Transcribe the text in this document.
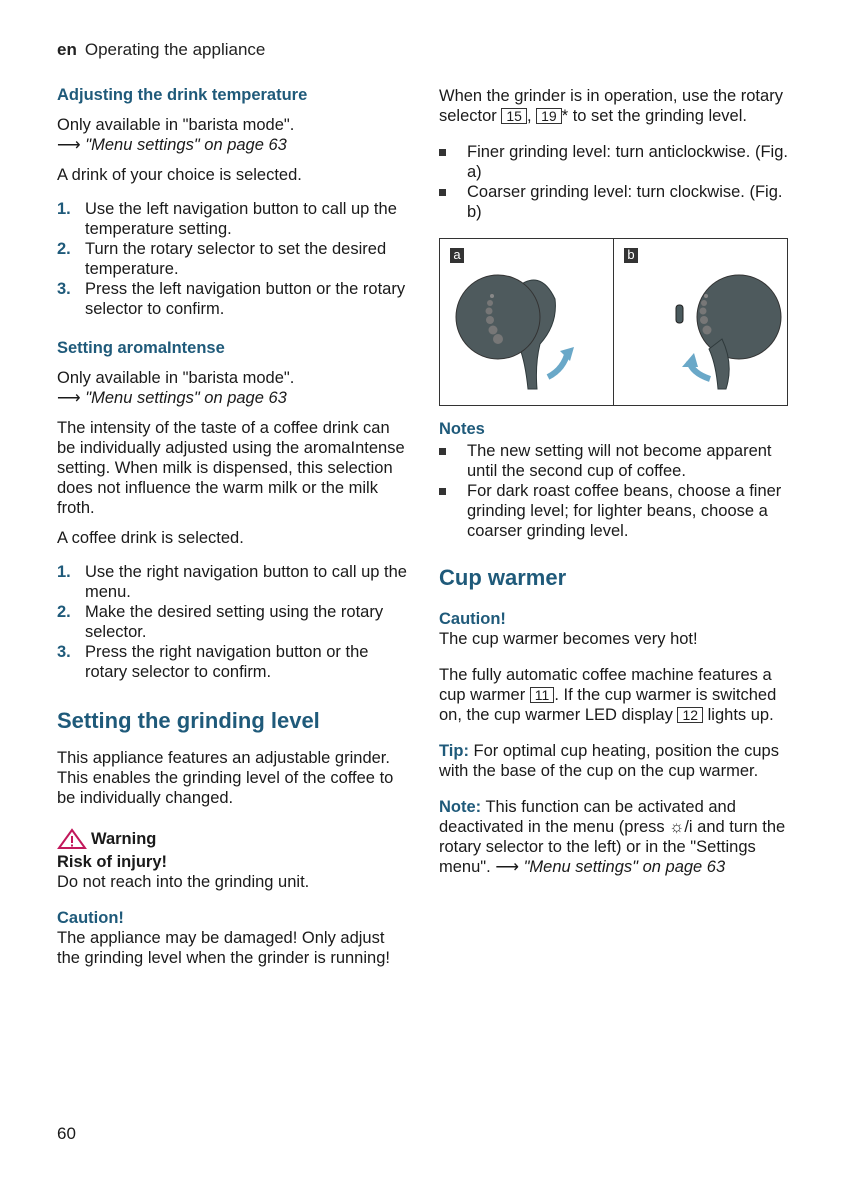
en Operating the appliance
Adjusting the drink temperature

Only available in "barista mode".
⟶ "Menu settings" on page 63

A drink of your choice is selected.

1. Use the left navigation button to call up the temperature setting.
2. Turn the rotary selector to set the desired temperature.
3. Press the left navigation button or the rotary selector to confirm.
Setting aromaIntense

Only available in "barista mode".
⟶ "Menu settings" on page 63

The intensity of the taste of a coffee drink can be individually adjusted using the aromaIntense setting. When milk is dispensed, this selection does not influence the warm milk or the milk froth.

A coffee drink is selected.

1. Use the right navigation button to call up the menu.
2. Make the desired setting using the rotary selector.
3. Press the right navigation button or the rotary selector to confirm.
Setting the grinding level

This appliance features an adjustable grinder. This enables the grinding level of the coffee to be individually changed.

Warning
Risk of injury!
Do not reach into the grinding unit.
Caution!
The appliance may be damaged! Only adjust the grinding level when the grinder is running!

When the grinder is in operation, use the rotary selector 15 , 19 * to set the grinding level.

Finer grinding level: turn anticlockwise. (Fig. a)
Coarser grinding level: turn clockwise. (Fig. b)
a	b
Notes
The new setting will not become apparent until the second cup of coffee.
For dark roast coffee beans, choose a finer grinding level; for lighter beans, choose a coarser grinding level.
Cup warmer
Caution!

The cup warmer becomes very hot!

The fully automatic coffee machine features a cup warmer 11 . If the cup warmer is switched on, the cup warmer LED display 12 lights up.

Tip: For optimal cup heating, position the cups with the base of the cup on the cup warmer.

Note: This function can be activated and deactivated in the menu (press ☼/i and turn the rotary selector to the left) or in the "Settings menu". ⟶ "Menu settings" on page 63

60
